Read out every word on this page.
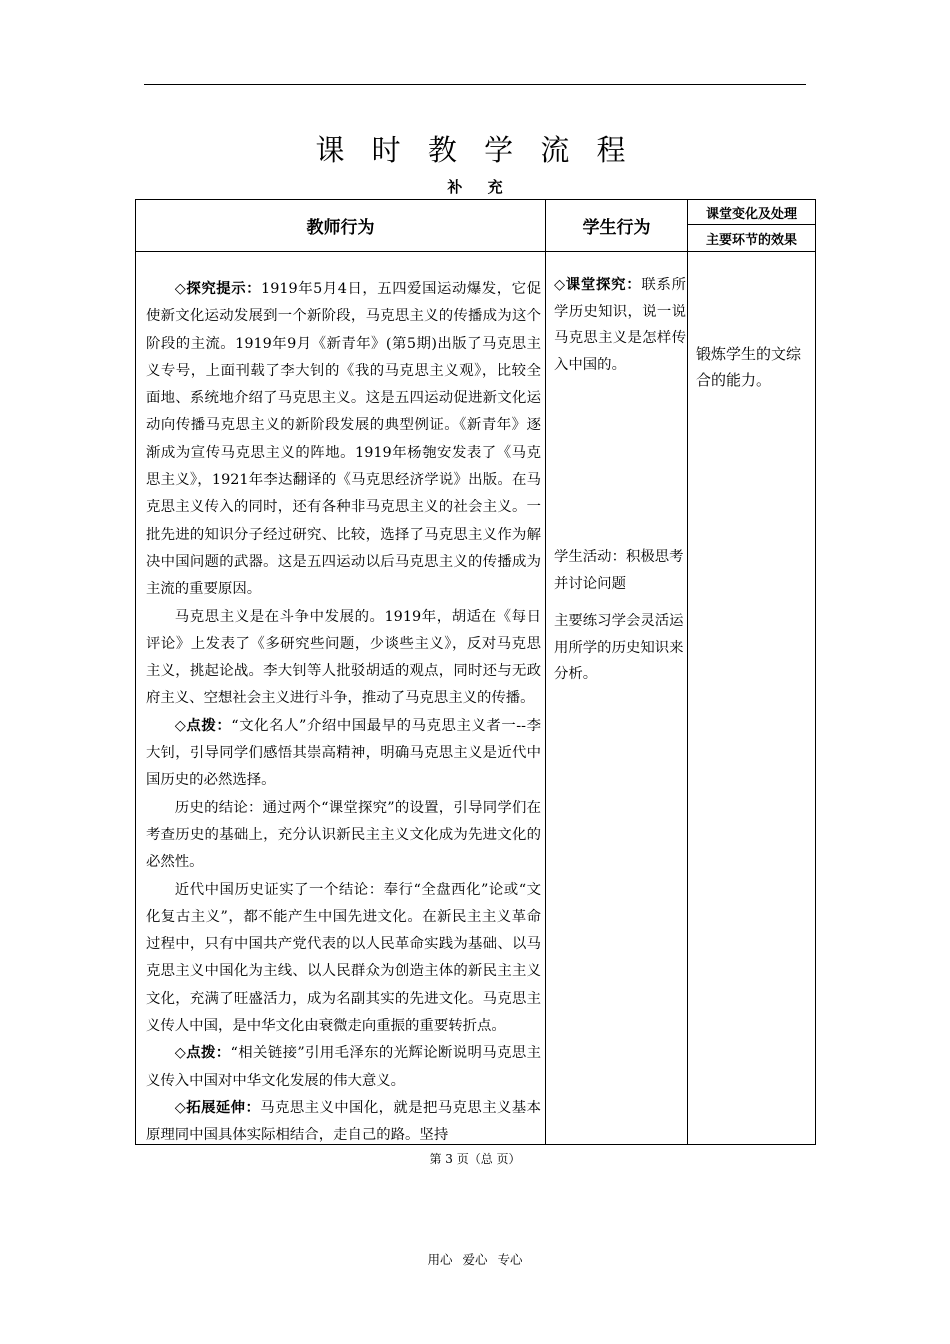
课 时 教 学 流 程
补 充
教师行为	学生行为
课堂变化及处理
主要环节的效果

◇探究提示：1919年5月4日，五四爱国运动爆发，它促使新文化运动发展到一个新阶段，马克思主义的传播成为这个阶段的主流。1919年9月《新青年》(第5期)出版了马克思主义专号，上面刊载了李大钊的《我的马克思主义观》，比较全面地、系统地介绍了马克思主义。这是五四运动促进新文化运动向传播马克思主义的新阶段发展的典型例证。《新青年》逐渐成为宣传马克思主义的阵地。1919年杨匏安发表了《马克思主义》，1921年李达翻译的《马克思经济学说》出版。在马克思主义传入的同时，还有各种非马克思主义的社会主义。一批先进的知识分子经过研究、比较，选择了马克思主义作为解决中国问题的武器。这是五四运动以后马克思主义的传播成为主流的重要原因。

马克思主义是在斗争中发展的。1919年，胡适在《每日评论》上发表了《多研究些问题，少谈些主义》，反对马克思主义，挑起论战。李大钊等人批驳胡适的观点，同时还与无政府主义、空想社会主义进行斗争，推动了马克思主义的传播。

◇点拨：“文化名人”介绍中国最早的马克思主义者一--李大钊，引导同学们感悟其崇高精神，明确马克思主义是近代中国历史的必然选择。

历史的结论：通过两个“课堂探究”的设置，引导同学们在考查历史的基础上，充分认识新民主主义文化成为先进文化的必然性。

近代中国历史证实了一个结论：奉行“全盘西化”论或“文化复古主义”，都不能产生中国先进文化。在新民主主义革命过程中，只有中国共产党代表的以人民革命实践为基础、以马克思主义中国化为主线、以人民群众为创造主体的新民主主义文化，充满了旺盛活力，成为名副其实的先进文化。马克思主义传人中国，是中华文化由衰微走向重振的重要转折点。

◇点拨：“相关链接”引用毛泽东的光辉论断说明马克思主义传入中国对中华文化发展的伟大意义。

◇拓展延伸：马克思主义中国化，就是把马克思主义基本原理同中国具体实际相结合，走自己的路。坚持

◇课堂探究：联系所学历史知识，说一说马克思主义是怎样传入中国的。

学生活动：积极思考并讨论问题

主要练习学会灵活运用所学的历史知识来分析。

锻炼学生的文综合的能力。
第 3 页（总 页）
用心 爱心 专心
